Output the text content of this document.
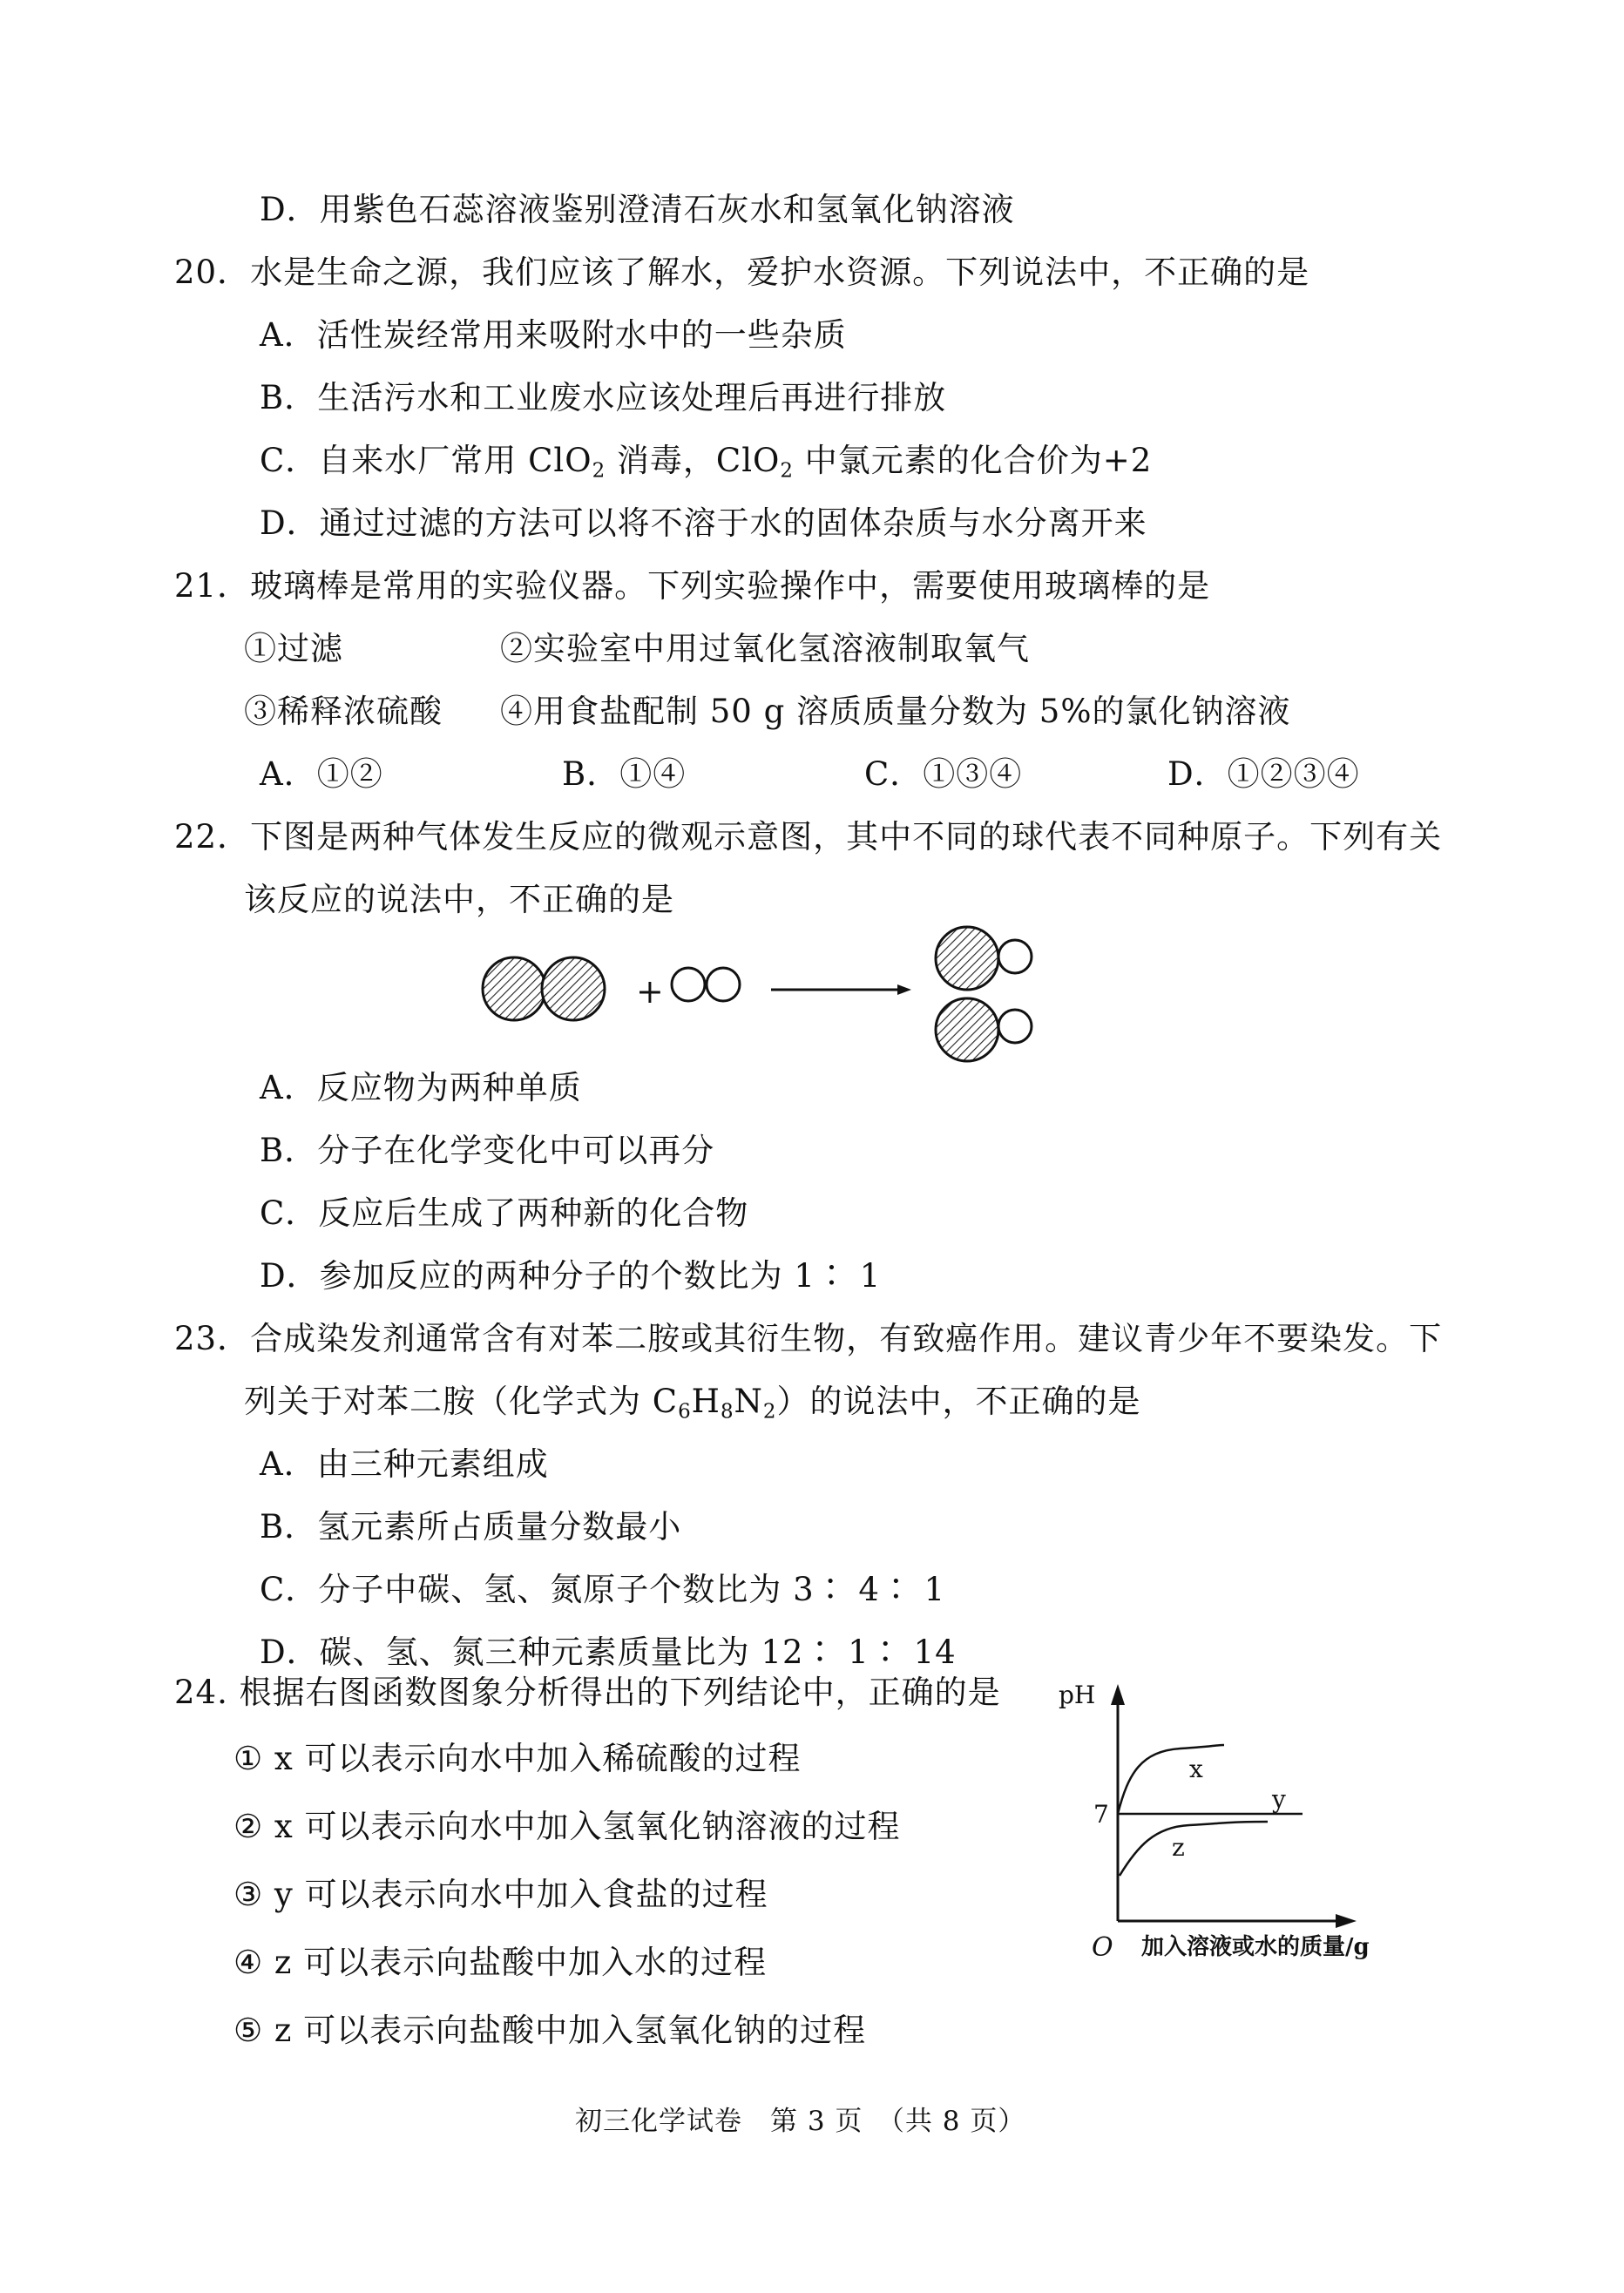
D．用紫色石蕊溶液鉴别澄清石灰水和氢氧化钠溶液
20．水是生命之源，我们应该了解水，爱护水资源。下列说法中，不正确的是
A．活性炭经常用来吸附水中的一些杂质
B．生活污水和工业废水应该处理后再进行排放
C．自来水厂常用 ClO$_2$ 消毒，ClO$_2$ 中氯元素的化合价为+2
D．通过过滤的方法可以将不溶于水的固体杂质与水分离开来
21．玻璃棒是常用的实验仪器。下列实验操作中，需要使用玻璃棒的是
①过滤	②实验室中用过氧化氢溶液制取氧气
③稀释浓硫酸 ④用食盐配制 50 g 溶质质量分数为 5%的氯化钠溶液
A．①②	B．①④	C．①③④	D．①②③④
22．下图是两种气体发生反应的微观示意图，其中不同的球代表不同种原子。下列有关
该反应的说法中，不正确的是
+
A．反应物为两种单质
B．分子在化学变化中可以再分
C．反应后生成了两种新的化合物
D．参加反应的两种分子的个数比为 1∶ 1
23．合成染发剂通常含有对苯二胺或其衍生物，有致癌作用。建议青少年不要染发。下
列关于对苯二胺（化学式为 $C_6H_8N_2$）的说法中，不正确的是
A．由三种元素组成
B．氢元素所占质量分数最小
C．分子中碳、氢、氮原子个数比为 3∶ 4∶ 1
D．碳、氢、氮三种元素质量比为 12∶ 1∶ 14
24. 根据右图函数图象分析得出的下列结论中，正确的是
① x 可以表示向水中加入稀硫酸的过程
② x 可以表示向水中加入氢氧化钠溶液的过程
③ y 可以表示向水中加入食盐的过程
④ z 可以表示向盐酸中加入水的过程
⑤ z 可以表示向盐酸中加入氢氧化钠的过程
pH
O
7
x
y
z
加入溶液或水的质量/g
初三化学试卷　第 3 页　（共 8 页）
